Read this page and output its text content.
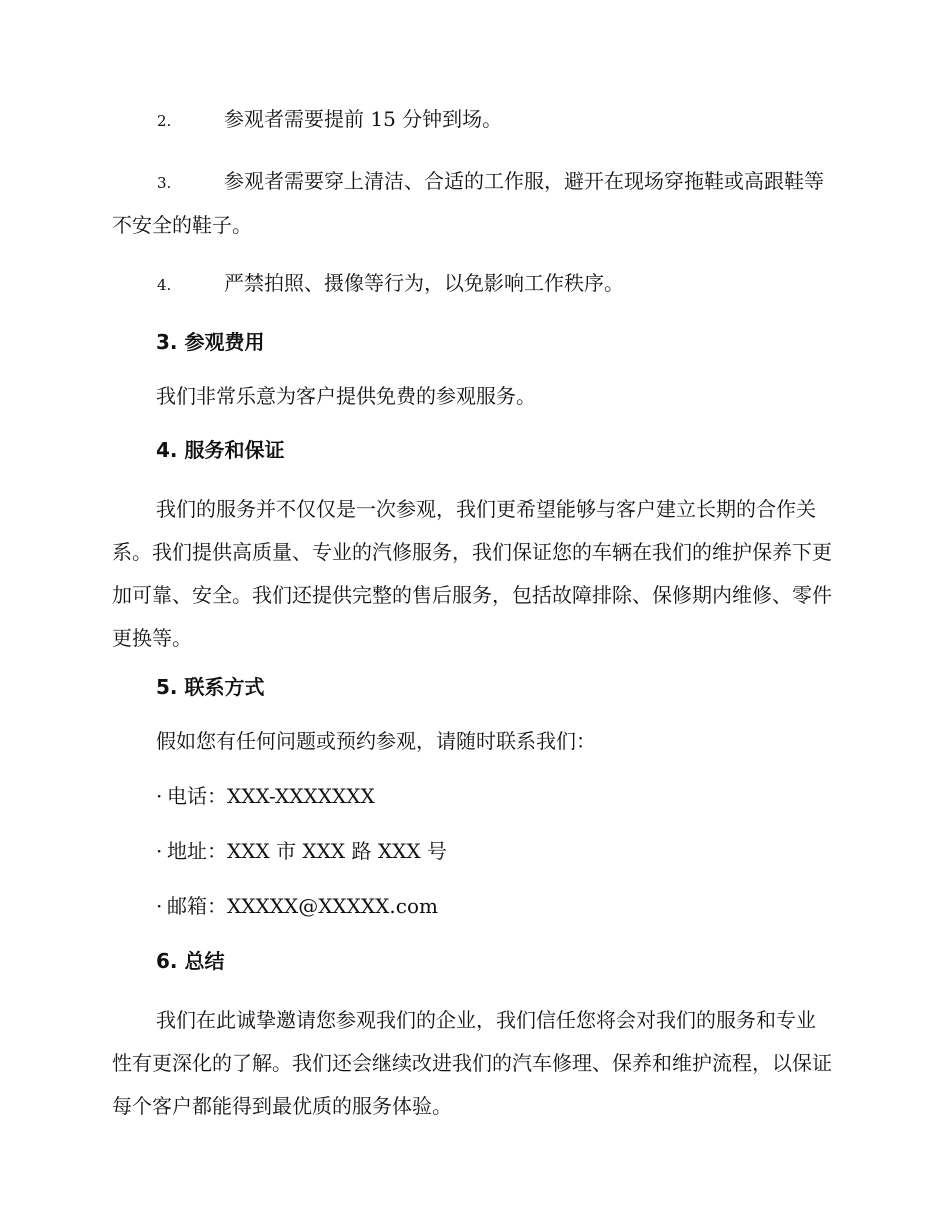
2.	参观者需要提前 15 分钟到场。
3.	参观者需要穿上清洁、合适的工作服，避开在现场穿拖鞋或高跟鞋等不安全的鞋子。
4.	严禁拍照、摄像等行为，以免影响工作秩序。
3. 参观费用

我们非常乐意为客户提供免费的参观服务。

4. 服务和保证

我们的服务并不仅仅是一次参观，我们更希望能够与客户建立长期的合作关系。我们提供高质量、专业的汽修服务，我们保证您的车辆在我们的维护保养下更加可靠、安全。我们还提供完整的售后服务，包括故障排除、保修期内维修、零件更换等。

5. 联系方式

假如您有任何问题或预约参观，请随时联系我们：

· 电话：XXX-XXXXXXX
· 地址：XXX 市 XXX 路 XXX 号
· 邮箱：XXXXX@XXXXX.com
6. 总结

我们在此诚挚邀请您参观我们的企业，我们信任您将会对我们的服务和专业性有更深化的了解。我们还会继续改进我们的汽车修理、保养和维护流程，以保证每个客户都能得到最优质的服务体验。
